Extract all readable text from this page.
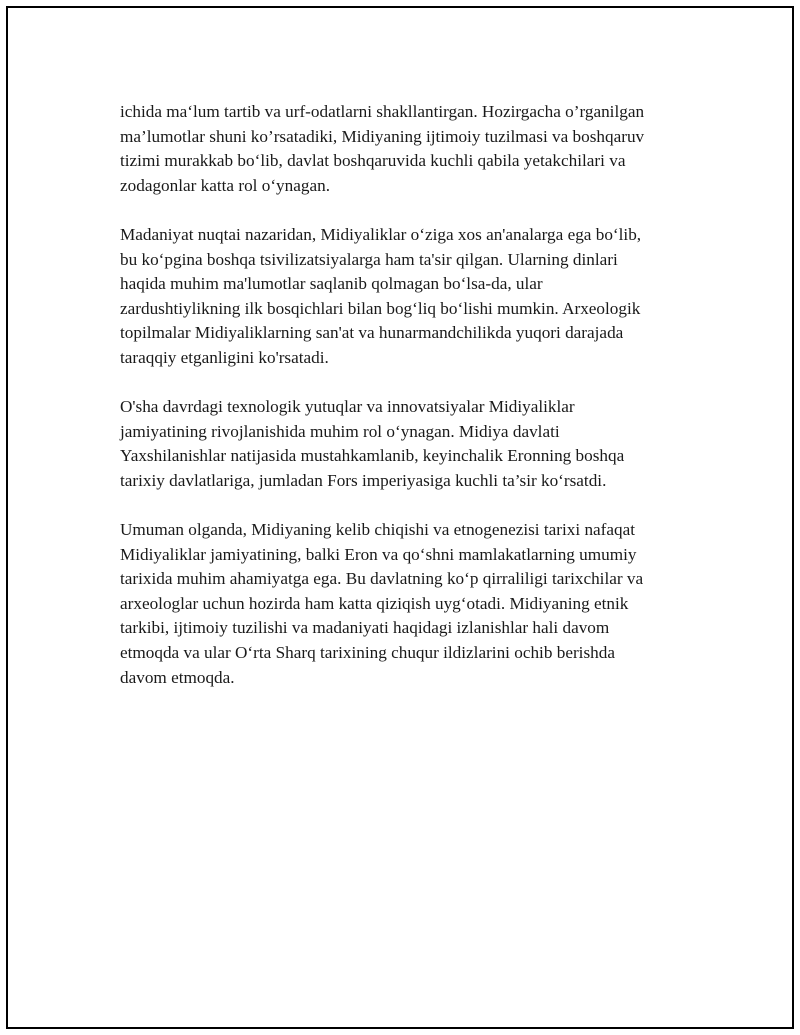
ichida ma‘lum tartib va urf-odatlarni shakllantirgan. Hozirgacha o’rganilgan
ma’lumotlar shuni ko’rsatadiki, Midiyaning ijtimoiy tuzilmasi va boshqaruv
tizimi murakkab bo‘lib, davlat boshqaruvida kuchli qabila yetakchilari va
zodagonlar katta rol o‘ynagan.

Madaniyat nuqtai nazaridan, Midiyaliklar o‘ziga xos an'analarga ega bo‘lib,
bu ko‘pgina boshqa tsivilizatsiyalarga ham ta'sir qilgan. Ularning dinlari
haqida muhim ma'lumotlar saqlanib qolmagan bo‘lsa-da, ular
zardushtiylikning ilk bosqichlari bilan bog‘liq bo‘lishi mumkin. Arxeologik
topilmalar Midiyaliklarning san'at va hunarmandchilikda yuqori darajada
taraqqiy etganligini ko'rsatadi.

O'sha davrdagi texnologik yutuqlar va innovatsiyalar Midiyaliklar
jamiyatining rivojlanishida muhim rol o‘ynagan. Midiya davlati
Yaxshilanishlar natijasida mustahkamlanib, keyinchalik Eronning boshqa
tarixiy davlatlariga, jumladan Fors imperiyasiga kuchli ta’sir ko‘rsatdi.

Umuman olganda, Midiyaning kelib chiqishi va etnogenezisi tarixi nafaqat
Midiyaliklar jamiyatining, balki Eron va qo‘shni mamlakatlarning umumiy
tarixida muhim ahamiyatga ega. Bu davlatning ko‘p qirraliligi tarixchilar va
arxeologlar uchun hozirda ham katta qiziqish uyg‘otadi. Midiyaning etnik
tarkibi, ijtimoiy tuzilishi va madaniyati haqidagi izlanishlar hali davom
etmoqda va ular O‘rta Sharq tarixining chuqur ildizlarini ochib berishda
davom etmoqda.
